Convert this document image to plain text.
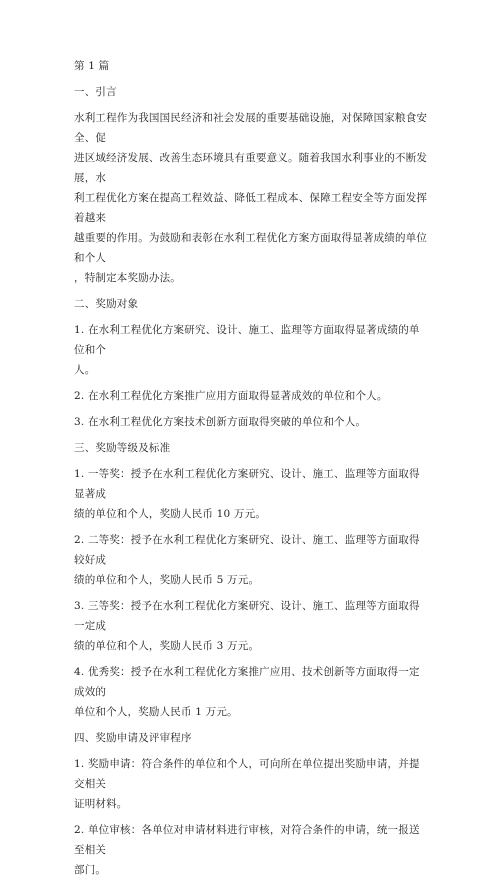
第 1 篇

一、引言

水利工程作为我国国民经济和社会发展的重要基础设施，对保障国家粮食安全、促

进区域经济发展、改善生态环境具有重要意义。随着我国水利事业的不断发展，水

利工程优化方案在提高工程效益、降低工程成本、保障工程安全等方面发挥着越来

越重要的作用。为鼓励和表彰在水利工程优化方案方面取得显著成绩的单位和个人

，特制定本奖励办法。

二、奖励对象

1. 在水利工程优化方案研究、设计、施工、监理等方面取得显著成绩的单位和个

人。

2. 在水利工程优化方案推广应用方面取得显著成效的单位和个人。

3. 在水利工程优化方案技术创新方面取得突破的单位和个人。

三、奖励等级及标准

1. 一等奖：授予在水利工程优化方案研究、设计、施工、监理等方面取得显著成

绩的单位和个人，奖励人民币 10 万元。

2. 二等奖：授予在水利工程优化方案研究、设计、施工、监理等方面取得较好成

绩的单位和个人，奖励人民币 5 万元。

3. 三等奖：授予在水利工程优化方案研究、设计、施工、监理等方面取得一定成

绩的单位和个人，奖励人民币 3 万元。

4. 优秀奖：授予在水利工程优化方案推广应用、技术创新等方面取得一定成效的

单位和个人，奖励人民币 1 万元。

四、奖励申请及评审程序

1. 奖励申请：符合条件的单位和个人，可向所在单位提出奖励申请，并提交相关

证明材料。

2. 单位审核：各单位对申请材料进行审核，对符合条件的申请，统一报送至相关

部门。
